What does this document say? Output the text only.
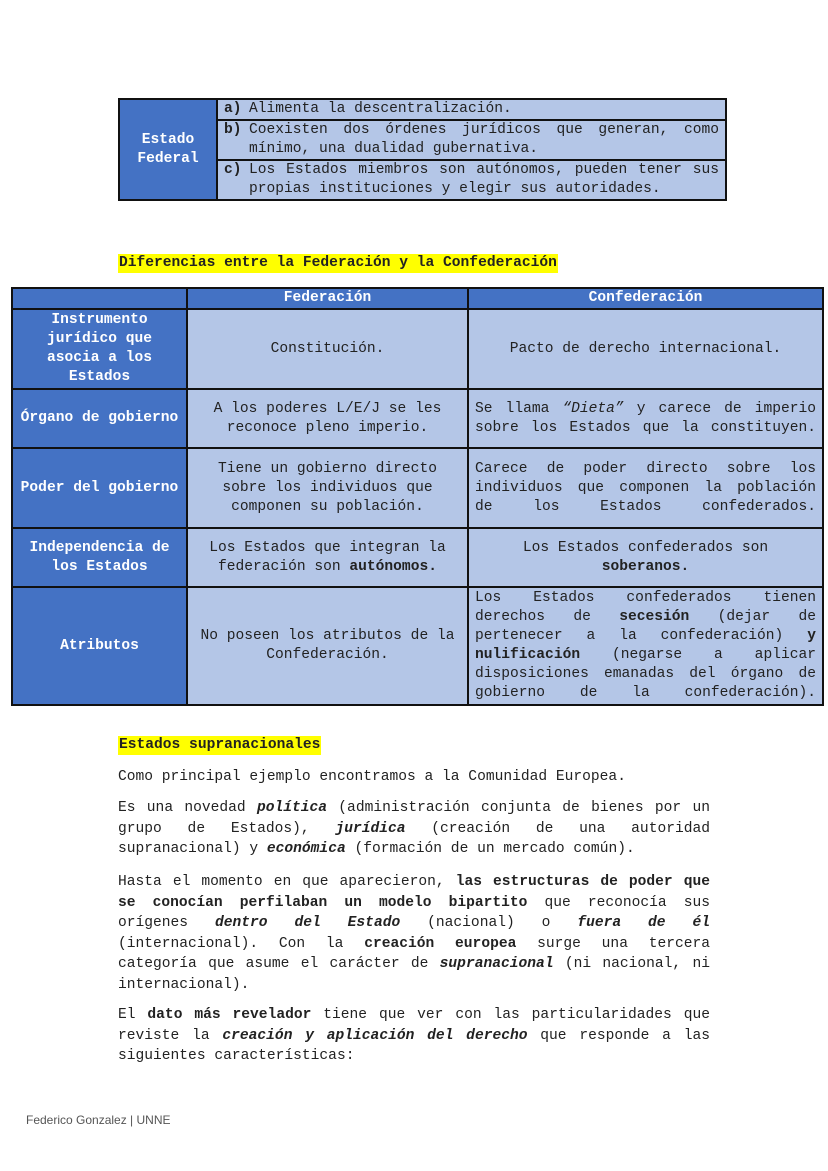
Estado Federal	
a) Alimenta la descentralización.

b) Coexisten dos órdenes jurídicos que generan, como mínimo, una dualidad gubernativa.

c) Los Estados miembros son autónomos, pueden tener sus propias instituciones y elegir sus autoridades.
Diferencias entre la Federación y la Confederación
	Federación	Confederación
Instrumento jurídico que asocia a los Estados	Constitución.	Pacto de derecho internacional.
Órgano de gobierno	A los poderes L/E/J se les reconoce pleno imperio.	Se llama “Dieta” y carece de imperio sobre los Estados que la constituyen.
Poder del gobierno	Tiene un gobierno directo sobre los individuos que componen su población.	Carece de poder directo sobre los individuos que componen la población de los Estados confederados.
Independencia de los Estados	Los Estados que integran la federación son autónomos.	Los Estados confederados son
soberanos.
Atributos	No poseen los atributos de la Confederación.	Los Estados confederados tienen derechos de secesión (dejar de pertenecer a la confederación) y nulificación (negarse a aplicar disposiciones emanadas del órgano de gobierno de la confederación).
Estados supranacionales

Como principal ejemplo encontramos a la Comunidad Europea.

Es una novedad política (administración conjunta de bienes por un grupo de Estados), jurídica (creación de una autoridad supranacional) y económica (formación de un mercado común).

Hasta el momento en que aparecieron, las estructuras de poder que se conocían perfilaban un modelo bipartito que reconocía sus orígenes dentro del Estado (nacional) o fuera de él (internacional). Con la creación europea surge una tercera categoría que asume el carácter de supranacional (ni nacional, ni internacional).

El dato más revelador tiene que ver con las particularidades que reviste la creación y aplicación del derecho que responde a las siguientes características:

Federico Gonzalez | UNNE
